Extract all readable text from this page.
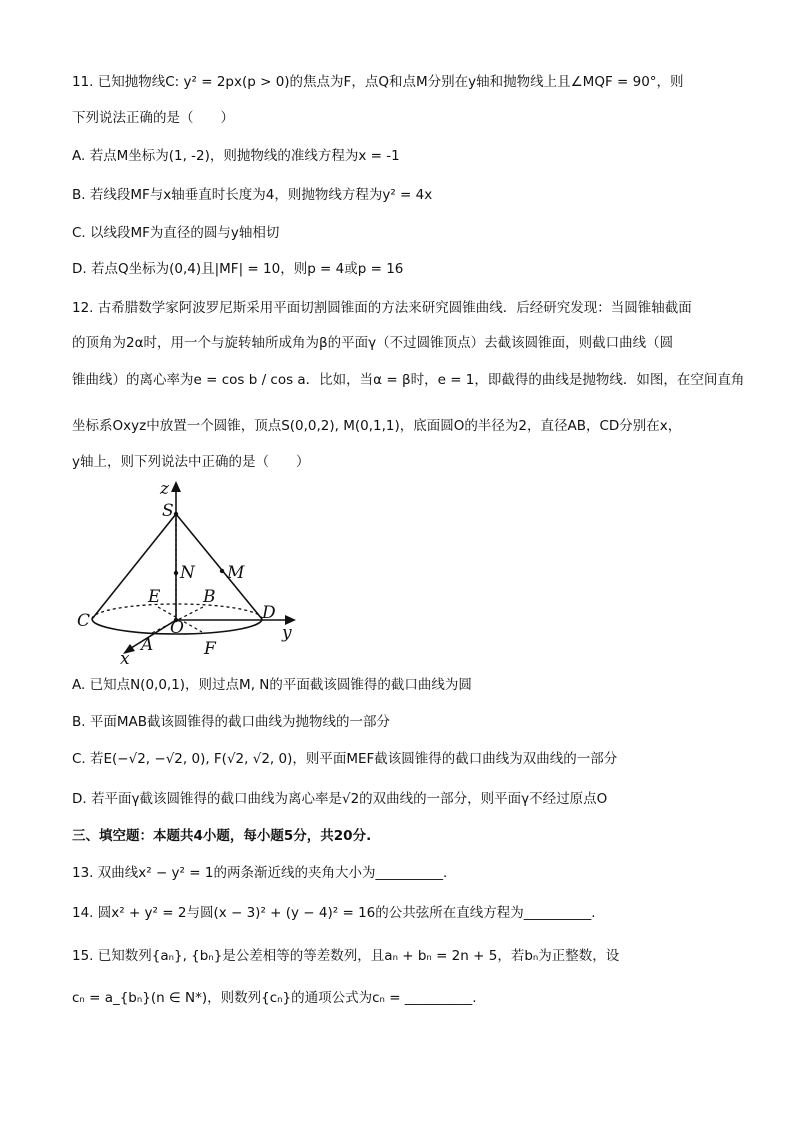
11. 已知抛物线C: y² = 2px(p > 0)的焦点为F，点Q和点M分别在y轴和抛物线上且∠MQF = 90°，则
下列说法正确的是（　　）
A. 若点M坐标为(1, -2)，则抛物线的准线方程为x = -1
B. 若线段MF与x轴垂直时长度为4，则抛物线方程为y² = 4x
C. 以线段MF为直径的圆与y轴相切
D. 若点Q坐标为(0,4)且|MF| = 10，则p = 4或p = 16
12. 古希腊数学家阿波罗尼斯采用平面切割圆锥面的方法来研究圆锥曲线．后经研究发现：当圆锥轴截面
的顶角为2α时，用一个与旋转轴所成角为β的平面γ（不过圆锥顶点）去截该圆锥面，则截口曲线（圆
锥曲线）的离心率为e = cos b / cos a．比如，当α = β时，e = 1，即截得的曲线是抛物线．如图，在空间直角
坐标系Oxyz中放置一个圆锥，顶点S(0,0,2), M(0,1,1)，底面圆O的半径为2，直径AB，CD分别在x，
y轴上，则下列说法中正确的是（　　）
z
S
N M
E	B
C	D
O	y
A
x	F
A. 已知点N(0,0,1)，则过点M, N的平面截该圆锥得的截口曲线为圆
B. 平面MAB截该圆锥得的截口曲线为抛物线的一部分
C. 若E(−√2, −√2, 0), F(√2, √2, 0)，则平面MEF截该圆锥得的截口曲线为双曲线的一部分
D. 若平面γ截该圆锥得的截口曲线为离心率是√2的双曲线的一部分，则平面γ不经过原点O
三、填空题：本题共4小题，每小题5分，共20分.
13. 双曲线x² − y² = 1的两条渐近线的夹角大小为__________.
14. 圆x² + y² = 2与圆(x − 3)² + (y − 4)² = 16的公共弦所在直线方程为__________.
15. 已知数列{aₙ}, {bₙ}是公差相等的等差数列，且aₙ + bₙ = 2n + 5，若bₙ为正整数，设
cₙ = a_{bₙ}(n ∈ N*)，则数列{cₙ}的通项公式为cₙ = __________.
